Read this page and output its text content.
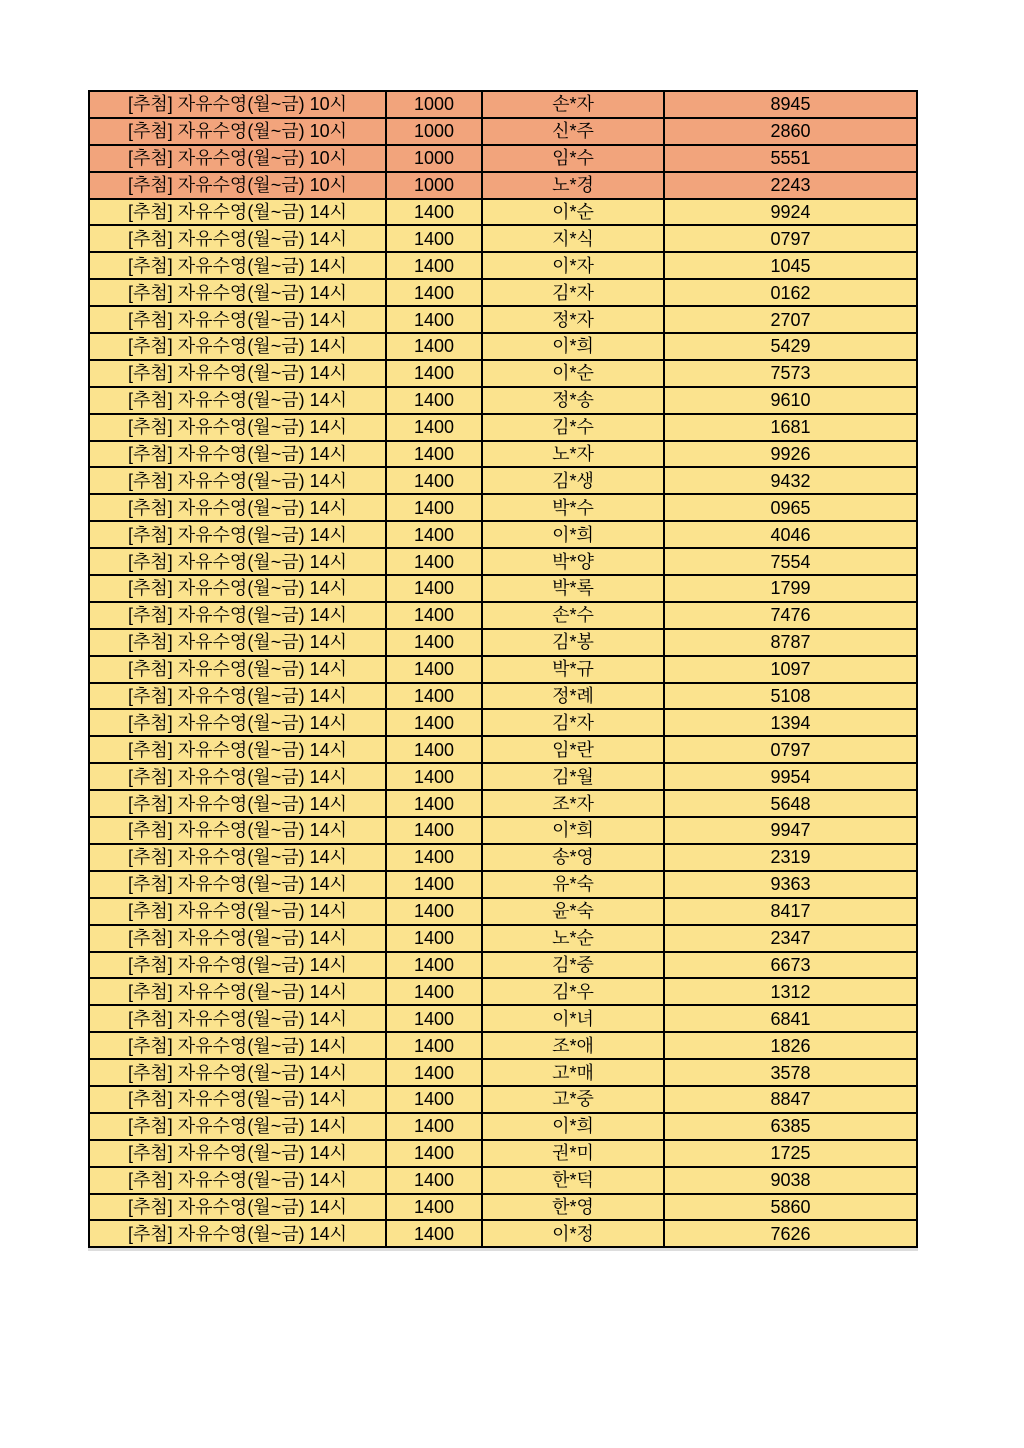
[추첨] 자유수영(월~금) 10시	1000	손*자	8945
[추첨] 자유수영(월~금) 10시	1000	신*주	2860
[추첨] 자유수영(월~금) 10시	1000	임*수	5551
[추첨] 자유수영(월~금) 10시	1000	노*경	2243
[추첨] 자유수영(월~금) 14시	1400	이*순	9924
[추첨] 자유수영(월~금) 14시	1400	지*식	0797
[추첨] 자유수영(월~금) 14시	1400	이*자	1045
[추첨] 자유수영(월~금) 14시	1400	김*자	0162
[추첨] 자유수영(월~금) 14시	1400	정*자	2707
[추첨] 자유수영(월~금) 14시	1400	이*희	5429
[추첨] 자유수영(월~금) 14시	1400	이*순	7573
[추첨] 자유수영(월~금) 14시	1400	정*송	9610
[추첨] 자유수영(월~금) 14시	1400	김*수	1681
[추첨] 자유수영(월~금) 14시	1400	노*자	9926
[추첨] 자유수영(월~금) 14시	1400	김*생	9432
[추첨] 자유수영(월~금) 14시	1400	박*수	0965
[추첨] 자유수영(월~금) 14시	1400	이*희	4046
[추첨] 자유수영(월~금) 14시	1400	박*양	7554
[추첨] 자유수영(월~금) 14시	1400	박*록	1799
[추첨] 자유수영(월~금) 14시	1400	손*수	7476
[추첨] 자유수영(월~금) 14시	1400	김*봉	8787
[추첨] 자유수영(월~금) 14시	1400	박*규	1097
[추첨] 자유수영(월~금) 14시	1400	정*례	5108
[추첨] 자유수영(월~금) 14시	1400	김*자	1394
[추첨] 자유수영(월~금) 14시	1400	임*란	0797
[추첨] 자유수영(월~금) 14시	1400	김*월	9954
[추첨] 자유수영(월~금) 14시	1400	조*자	5648
[추첨] 자유수영(월~금) 14시	1400	이*희	9947
[추첨] 자유수영(월~금) 14시	1400	송*영	2319
[추첨] 자유수영(월~금) 14시	1400	유*숙	9363
[추첨] 자유수영(월~금) 14시	1400	윤*숙	8417
[추첨] 자유수영(월~금) 14시	1400	노*순	2347
[추첨] 자유수영(월~금) 14시	1400	김*중	6673
[추첨] 자유수영(월~금) 14시	1400	김*우	1312
[추첨] 자유수영(월~금) 14시	1400	이*녀	6841
[추첨] 자유수영(월~금) 14시	1400	조*애	1826
[추첨] 자유수영(월~금) 14시	1400	고*매	3578
[추첨] 자유수영(월~금) 14시	1400	고*중	8847
[추첨] 자유수영(월~금) 14시	1400	이*희	6385
[추첨] 자유수영(월~금) 14시	1400	권*미	1725
[추첨] 자유수영(월~금) 14시	1400	한*덕	9038
[추첨] 자유수영(월~금) 14시	1400	한*영	5860
[추첨] 자유수영(월~금) 14시	1400	이*정	7626
